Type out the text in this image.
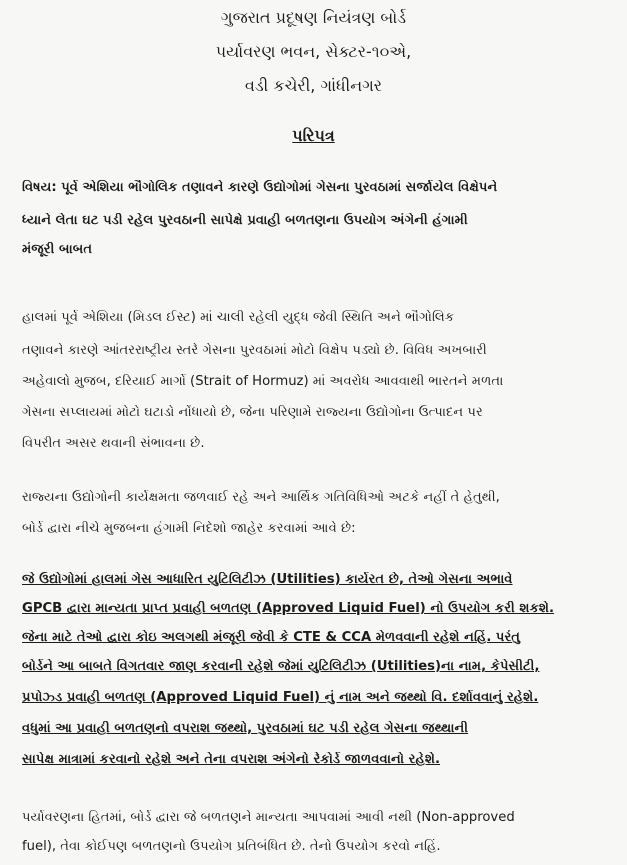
ગુજરાત પ્રદૂષણ નિયંત્રણ બોર્ડ
પર્યાવરણ ભવન, સેક્ટર-૧૦એ,
વડી કચેરી, ગાંધીનગર
પરિપત્ર
વિષય: પૂર્વ એશિયા ભૌગોલિક તણાવને કારણે ઉદ્યોગોમાં ગેસના પુરવઠામાં સર્જાયેલ વિક્ષેપને
ધ્યાને લેતા ઘટ પડી રહેલ પુરવઠાની સાપેક્ષે પ્રવાહી બળતણના ઉપયોગ અંગેની હંગામી
મંજૂરી બાબત
હાલમાં પૂર્વ એશિયા (મિડલ ઈસ્ટ) માં ચાલી રહેલી યુદ્ધ જેવી સ્થિતિ અને ભૌગોલિક
તણાવને કારણે આંતરરાષ્ટ્રીય સ્તરે ગેસના પુરવઠામાં મોટો વિક્ષેપ પડ્યો છે. વિવિધ અખબારી
અહેવાલો મુજબ, દરિયાઈ માર્ગો (Strait of Hormuz) માં અવરોધ આવવાથી ભારતને મળતા
ગેસના સપ્લાયમાં મોટો ઘટાડો નોંધાયો છે, જેના પરિણામે રાજ્યના ઉદ્યોગોના ઉત્પાદન પર
વિપરીત અસર થવાની સંભાવના છે.
રાજ્યના ઉદ્યોગોની કાર્યક્ષમતા જળવાઈ રહે અને આર્થિક ગતિવિધિઓ અટકે નહીં તે હેતુથી,
બોર્ડ દ્વારા નીચે મુજબના હંગામી નિર્દેશો જાહેર કરવામાં આવે છે:
જે ઉદ્યોગોમાં હાલમાં ગેસ આધારિત યુટિલિટીઝ (Utilities) કાર્યરત છે, તેઓ ગેસના અભાવે
GPCB દ્વારા માન્યતા પ્રાપ્ત પ્રવાહી બળતણ (Approved Liquid Fuel) નો ઉપયોગ કરી શકશે.
જેના માટે તેઓ દ્વારા કોઇ અલગથી મંજૂરી જેવી કે CTE & CCA મેળવવાની રહેશે નહિં. પરંતુ
બોર્ડને આ બાબતે વિગતવાર જાણ કરવાની રહેશે જેમાં યુટિલિટીઝ (Utilities)ના નામ, કેપેસીટી,
પ્રપોઝ્ડ પ્રવાહી બળતણ (Approved Liquid Fuel) નું નામ અને જથ્થો વિ. દર્શાવવાનું રહેશે.
વધુમાં આ પ્રવાહી બળતણનો વપરાશ જથ્થો, પુરવઠામાં ઘટ પડી રહેલ ગેસના જથ્થાની
સાપેક્ષ માત્રામાં કરવાનો રહેશે અને તેના વપરાશ અંગેનો રેકોર્ડ જાળવવાનો રહેશે.
પર્યાવરણના હિતમાં, બોર્ડ દ્વારા જે બળતણને માન્યતા આપવામાં આવી નથી (Non-approved
fuel), તેવા કોઈપણ બળતણનો ઉપયોગ પ્રતિબંધિત છે. તેનો ઉપયોગ કરવો નહિં.
